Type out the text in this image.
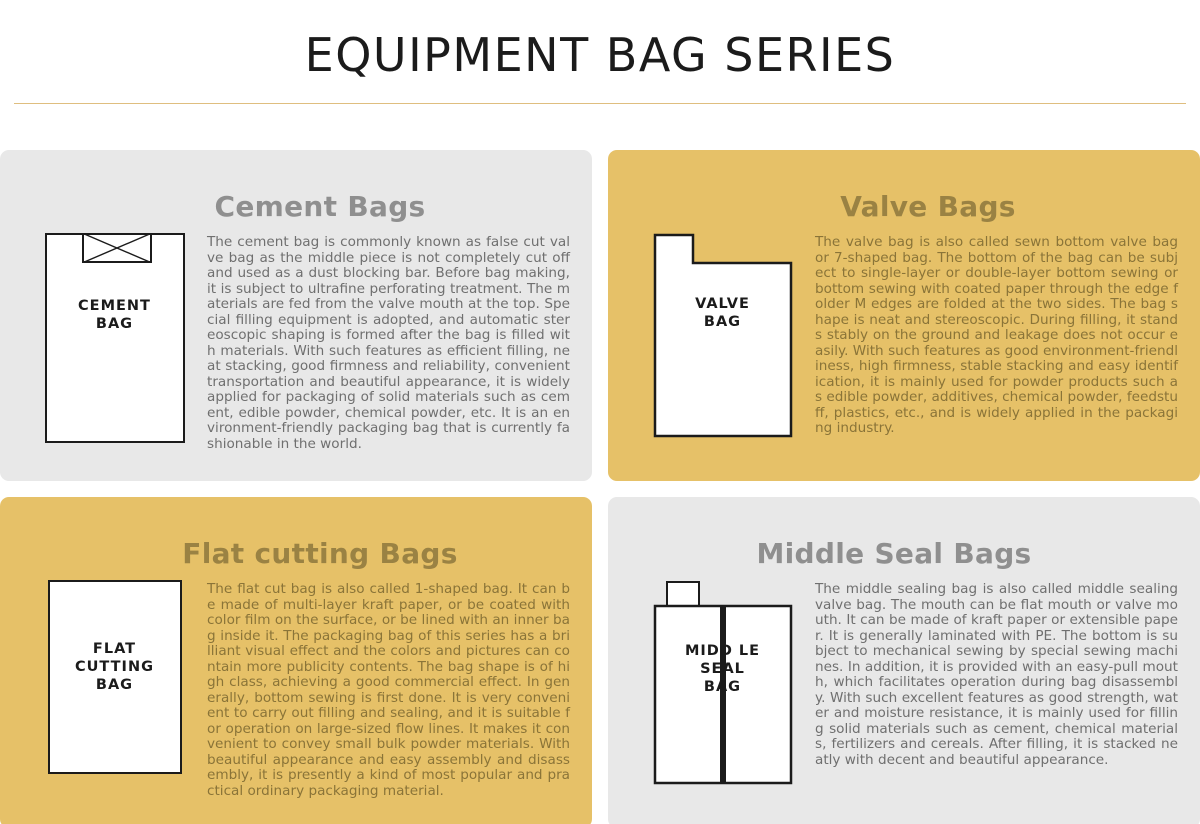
EQUIPMENT BAG SERIES
Cement Bags
CEMENT
BAG
The cement bag is commonly known as false cut valve bag as the middle piece is not completely cut off and used as a dust blocking bar. Before bag making, it is subject to ultrafine perforating treatment. The materials are fed from the valve mouth at the top. Special filling equipment is adopted, and automatic stereoscopic shaping is formed after the bag is filled with materials. With such features as efficient filling, neat stacking, good firmness and reliability, convenient transportation and beautiful appearance, it is widely applied for packaging of solid materials such as cement, edible powder, chemical powder, etc. It is an environment-friendly packaging bag that is currently fashionable in the world.
Valve Bags
VALVE
BAG
The valve bag is also called sewn bottom valve bag or 7-shaped bag. The bottom of the bag can be subject to single-layer or double-layer bottom sewing or bottom sewing with coated paper through the edge folder M edges are folded at the two sides. The bag shape is neat and stereoscopic. During filling, it stands stably on the ground and leakage does not occur easily. With such features as good environment-friendliness, high firmness, stable stacking and easy identification, it is mainly used for powder products such as edible powder, additives, chemical powder, feedstuff, plastics, etc., and is widely applied in the packaging industry.
Flat cutting Bags
FLAT
CUTTING
BAG
The flat cut bag is also called 1-shaped bag. It can be made of multi-layer kraft paper, or be coated with color film on the surface, or be lined with an inner bag inside it. The packaging bag of this series has a brilliant visual effect and the colors and pictures can contain more publicity contents. The bag shape is of high class, achieving a good commercial effect. In generally, bottom sewing is first done. It is very convenient to carry out filling and sealing, and it is suitable for operation on large-sized flow lines. It makes it convenient to convey small bulk powder materials. With beautiful appearance and easy assembly and disassembly, it is presently a kind of most popular and practical ordinary packaging material.
Middle Seal Bags
MIDD LE
SEAL
BAG
The middle sealing bag is also called middle sealing valve bag. The mouth can be flat mouth or valve mouth. It can be made of kraft paper or extensible paper. It is generally laminated with PE. The bottom is subject to mechanical sewing by special sewing machines. In addition, it is provided with an easy-pull mouth, which facilitates operation during bag disassembly. With such excellent features as good strength, water and moisture resistance, it is mainly used for filling solid materials such as cement, chemical materials, fertilizers and cereals. After filling, it is stacked neatly with decent and beautiful appearance.
